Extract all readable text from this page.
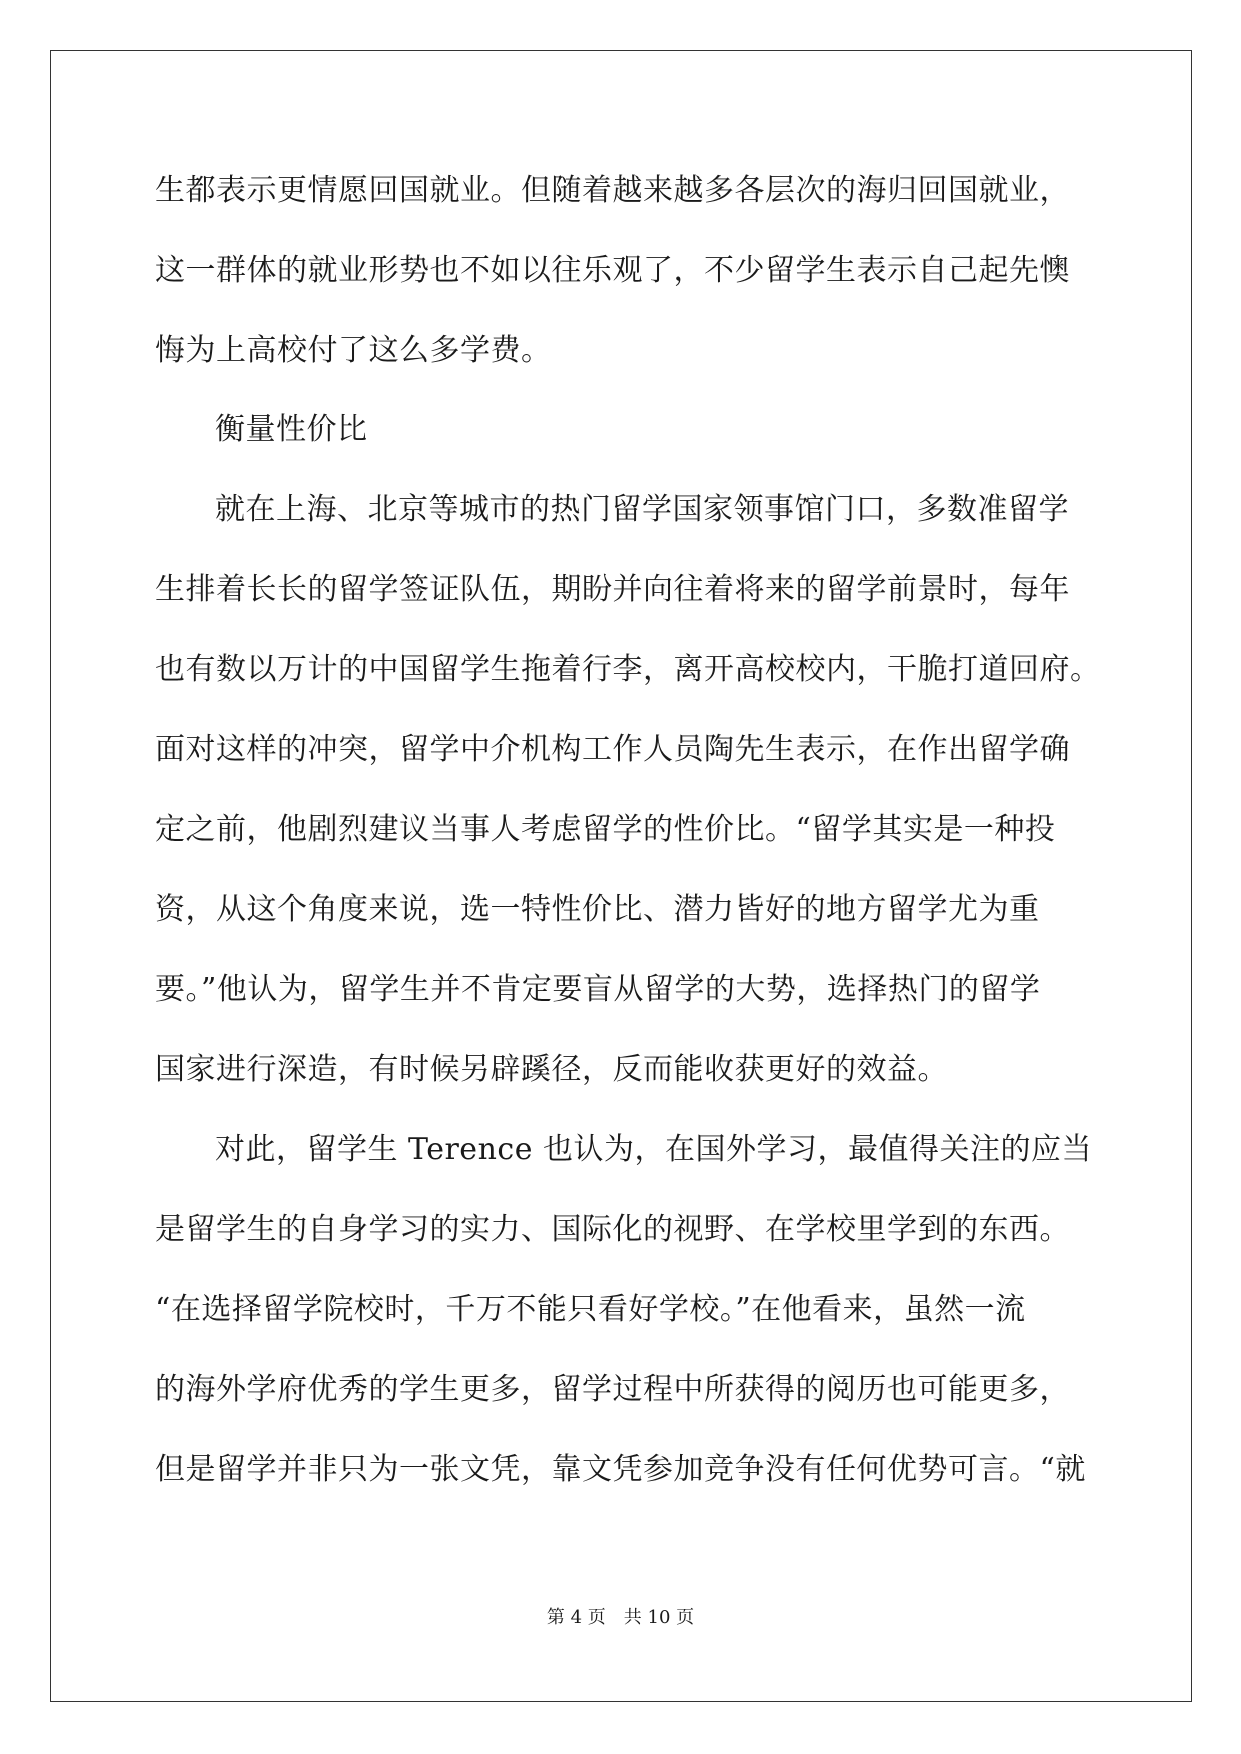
生都表示更情愿回国就业。但随着越来越多各层次的海归回国就业，
这一群体的就业形势也不如以往乐观了，不少留学生表示自己起先懊
悔为上高校付了这么多学费。
衡量性价比
就在上海、北京等城市的热门留学国家领事馆门口，多数准留学
生排着长长的留学签证队伍，期盼并向往着将来的留学前景时，每年
也有数以万计的中国留学生拖着行李，离开高校校内，干脆打道回府。
面对这样的冲突，留学中介机构工作人员陶先生表示，在作出留学确
定之前，他剧烈建议当事人考虑留学的性价比。“留学其实是一种投
资，从这个角度来说，选一特性价比、潜力皆好的地方留学尤为重
要。”他认为，留学生并不肯定要盲从留学的大势，选择热门的留学
国家进行深造，有时候另辟蹊径，反而能收获更好的效益。
对此，留学生 Terence 也认为，在国外学习，最值得关注的应当
是留学生的自身学习的实力、国际化的视野、在学校里学到的东西。
“在选择留学院校时，千万不能只看好学校。”在他看来，虽然一流
的海外学府优秀的学生更多，留学过程中所获得的阅历也可能更多，
但是留学并非只为一张文凭，靠文凭参加竞争没有任何优势可言。“就
第 4 页　共 10 页
